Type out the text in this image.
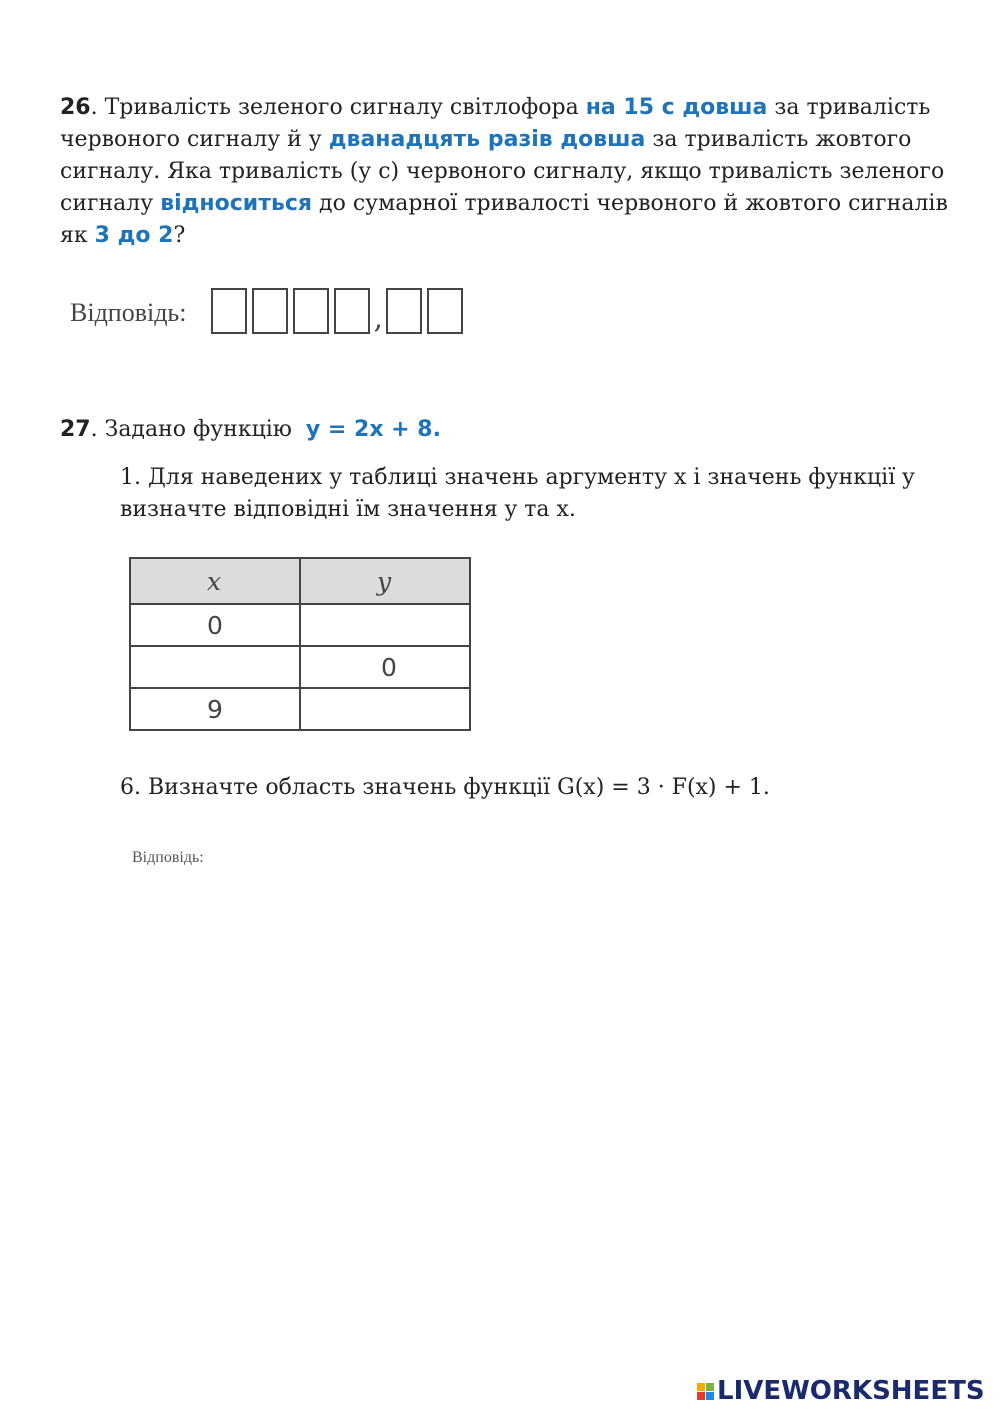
26. Тривалість зеленого сигналу світлофора на 15 с довша за тривалість червоного сигналу й у дванадцять разів довша за тривалість жовтого сигналу. Яка тривалість (у с) червоного сигналу, якщо тривалість зеленого сигналу відноситься до сумарної тривалості червоного й жовтого сигналів як 3 до 2?
Відповідь:	,
27. Задано функцію y = 2x + 8.
1. Для наведених у таблиці значень аргументу x і значень функції y визначте відповідні їм значення y та x.
x	y
0	
	0
9	
6. Визначте область значень функції G(x) = 3 · F(x) + 1.
Відповідь:
LIVEWORKSHEETS
